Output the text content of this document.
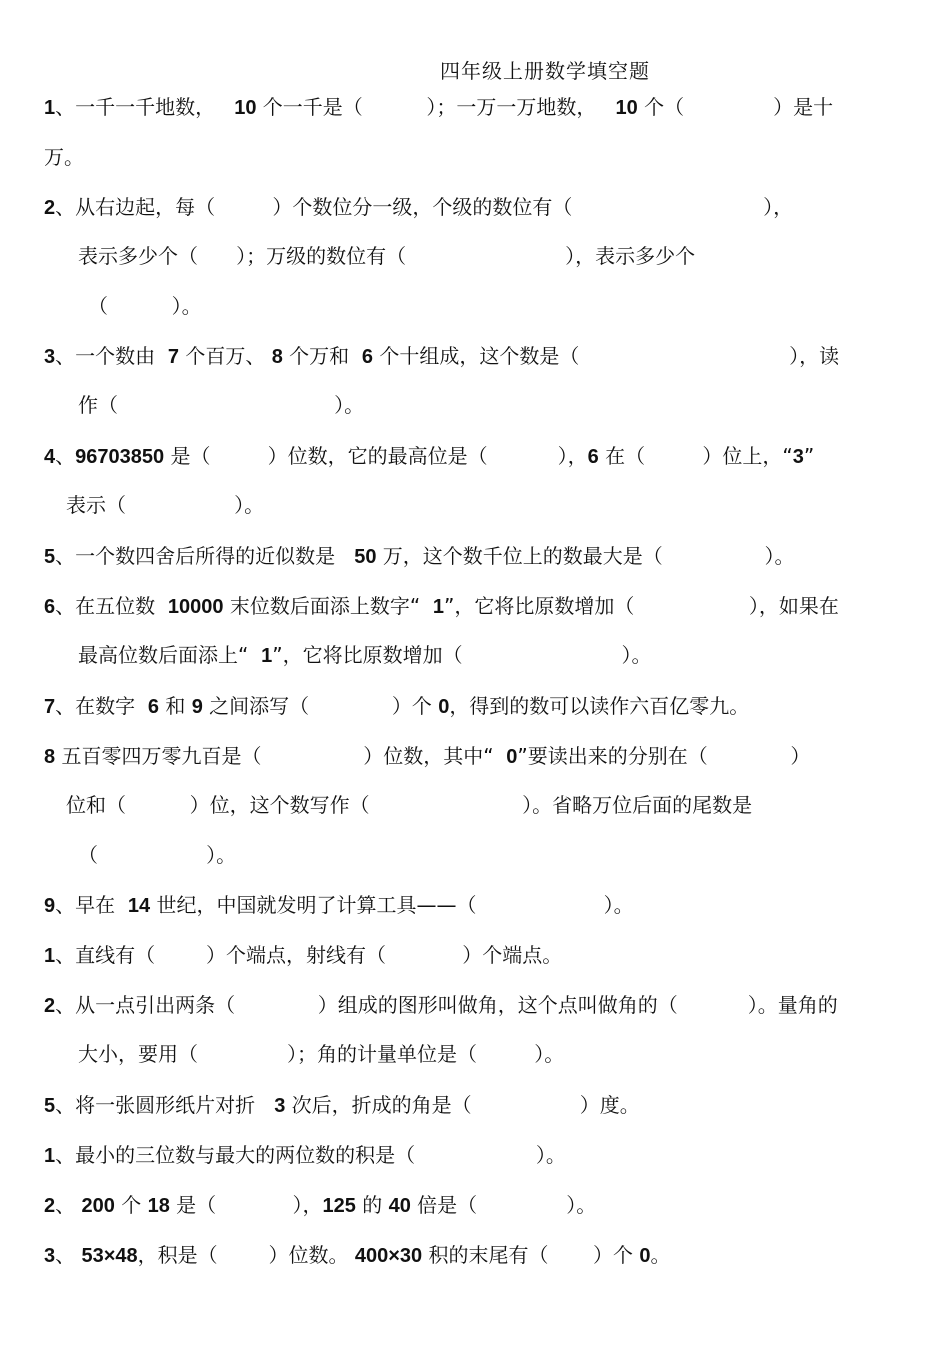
四年级上册数学填空题
1、一千一千地数，   10 个一千是（          ）；一万一万地数，   10 个（              ）是十
万。
2、从右边起，每（         ）个数位分一级，个级的数位有（                              ），
表示多少个（      ）；万级的数位有（                         ），表示多少个
（          ）。
3、一个数由  7 个百万、 8 个万和  6 个十组成，这个数是（                                 ），读
作（                                  ）。
4、96703850 是（         ）位数，它的最高位是（           ），6 在（         ）位上，“3”
表示（                 ）。
5、一个数四舍后所得的近似数是   50 万，这个数千位上的数最大是（                ）。
6、在五位数  10000 末位数后面添上数字“  1”，它将比原数增加（                  ），如果在
最高位数后面添上“  1”，它将比原数增加（                         ）。
7、在数字  6 和 9 之间添写（             ）个 0，得到的数可以读作六百亿零九。
8 五百零四万零九百是（                ）位数，其中“  0”要读出来的分别在（             ）
位和（          ）位，这个数写作（                        ）。省略万位后面的尾数是
（                 ）。
9、早在  14 世纪，中国就发明了计算工具——（                    ）。
1、直线有（        ）个端点，射线有（            ）个端点。
2、从一点引出两条（             ）组成的图形叫做角，这个点叫做角的（           ）。量角的
大小，要用（              ）；角的计量单位是（         ）。
5、将一张圆形纸片对折   3 次后，折成的角是（                 ）度。
1、最小的三位数与最大的两位数的积是（                   ）。
2、 200 个 18 是（            ），125 的 40 倍是（              ）。
3、 53×48，积是（        ）位数。 400×30 积的末尾有（       ）个 0。
